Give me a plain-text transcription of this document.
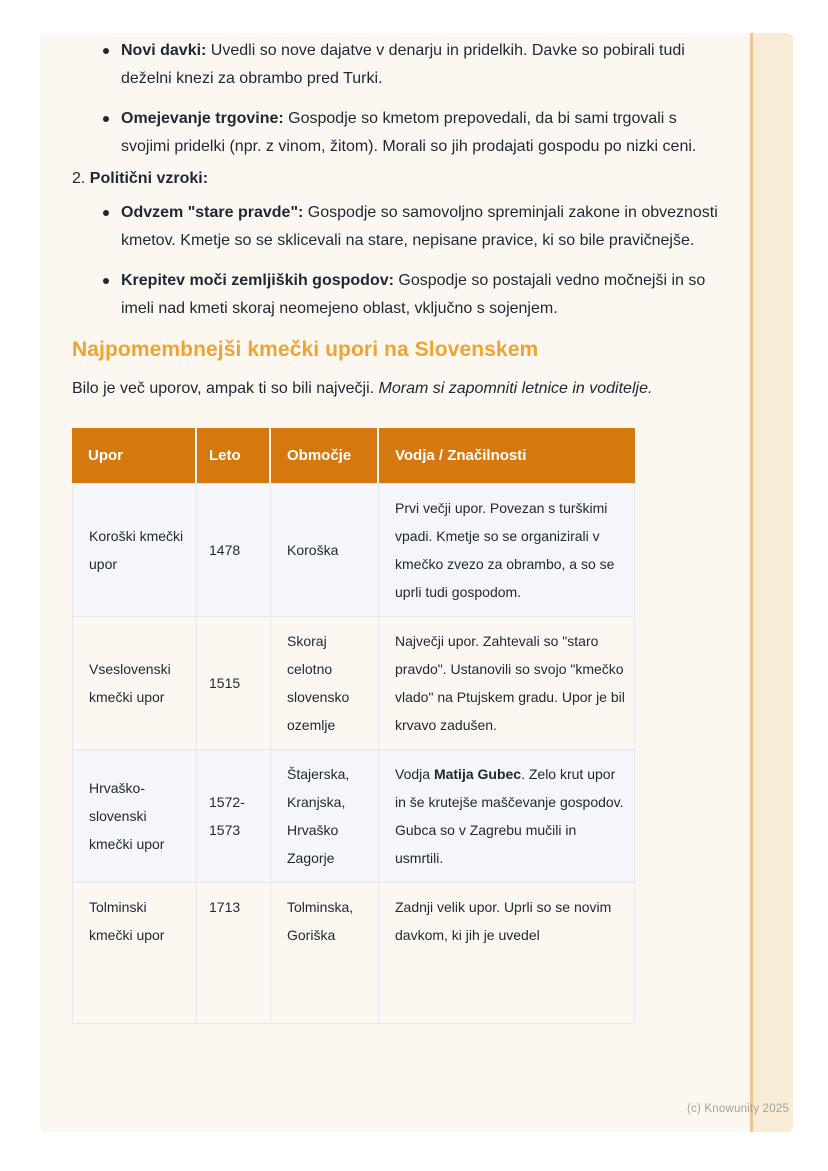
Novi davki: Uvedli so nove dajatve v denarju in pridelkih. Davke so pobirali tudi deželni knezi za obrambo pred Turki.
Omejevanje trgovine: Gospodje so kmetom prepovedali, da bi sami trgovali s svojimi pridelki (npr. z vinom, žitom). Morali so jih prodajati gospodu po nizki ceni.
2. Politični vzroki:
Odvzem "stare pravde": Gospodje so samovoljno spreminjali zakone in obveznosti kmetov. Kmetje so se sklicevali na stare, nepisane pravice, ki so bile pravičnejše.
Krepitev moči zemljiških gospodov: Gospodje so postajali vedno močnejši in so imeli nad kmeti skoraj neomejeno oblast, vključno s sojenjem.
Najpomembnejši kmečki upori na Slovenskem

Bilo je več uporov, ampak ti so bili največji. Moram si zapomniti letnice in voditelje.

Upor	Leto	Območje	Vodja / Značilnosti
Koroški kmečki upor	1478	Koroška	Prvi večji upor. Povezan s turškimi vpadi. Kmetje so se organizirali v kmečko zvezo za obrambo, a so se uprli tudi gospodom.
Vseslovenski kmečki upor	1515	Skoraj celotno slovensko ozemlje	Največji upor. Zahtevali so "staro pravdo". Ustanovili so svojo "kmečko vlado" na Ptujskem gradu. Upor je bil krvavo zadušen.
Hrvaško-slovenski kmečki upor	1572-1573	Štajerska, Kranjska, Hrvaško Zagorje	Vodja Matija Gubec. Zelo krut upor in še krutejše maščevanje gospodov. Gubca so v Zagrebu mučili in usmrtili.
Tolminski kmečki upor	1713	Tolminska, Goriška	Zadnji velik upor. Uprli so se novim davkom, ki jih je uvedel
(c) Knowunity 2025
